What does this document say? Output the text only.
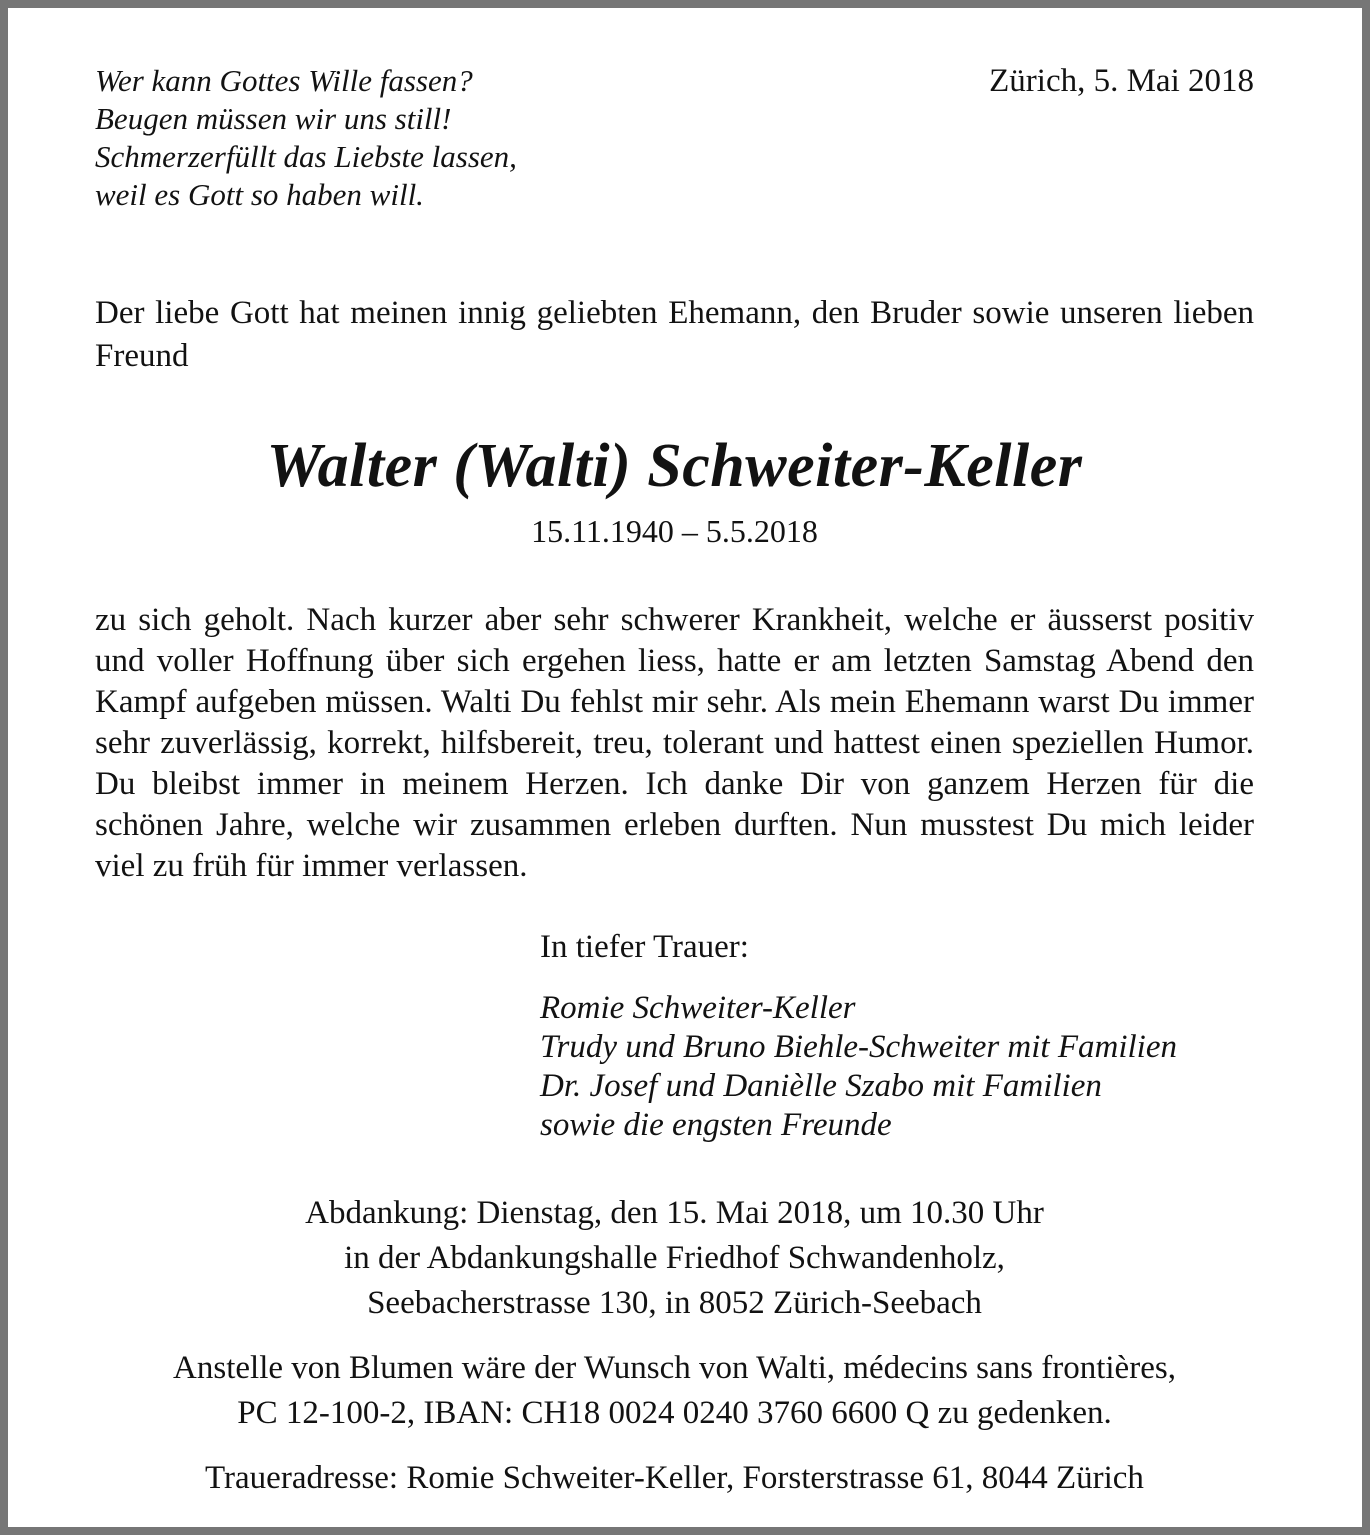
Wer kann Gottes Wille fassen?
Beugen müssen wir uns still!
Schmerzerfüllt das Liebste lassen,
weil es Gott so haben will.
Zürich, 5. Mai 2018
Der liebe Gott hat meinen innig geliebten Ehemann, den Bruder sowie unseren lieben Freund
Walter (Walti) Schweiter-Keller
15.11.1940 – 5.5.2018
zu sich geholt. Nach kurzer aber sehr schwerer Krankheit, welche er äusserst positiv und voller Hoffnung über sich ergehen liess, hatte er am letzten Samstag Abend den Kampf aufgeben müssen. Walti Du fehlst mir sehr. Als mein Ehemann warst Du immer sehr zuverlässig, korrekt, hilfsbereit, treu, tolerant und hattest einen speziellen Humor. Du bleibst immer in meinem Herzen. Ich danke Dir von ganzem Herzen für die schönen Jahre, welche wir zusammen erleben durften. Nun musstest Du mich leider viel zu früh für immer verlassen.
In tiefer Trauer:
Romie Schweiter-Keller
Trudy und Bruno Biehle-Schweiter mit Familien
Dr. Josef und Danièlle Szabo mit Familien
sowie die engsten Freunde
Abdankung: Dienstag, den 15. Mai 2018, um 10.30 Uhr
in der Abdankungshalle Friedhof Schwandenholz,
Seebacherstrasse 130, in 8052 Zürich-Seebach
Anstelle von Blumen wäre der Wunsch von Walti, médecins sans frontières,
PC 12-100-2, IBAN: CH18 0024 0240 3760 6600 Q zu gedenken.
Traueradresse: Romie Schweiter-Keller, Forsterstrasse 61, 8044 Zürich
